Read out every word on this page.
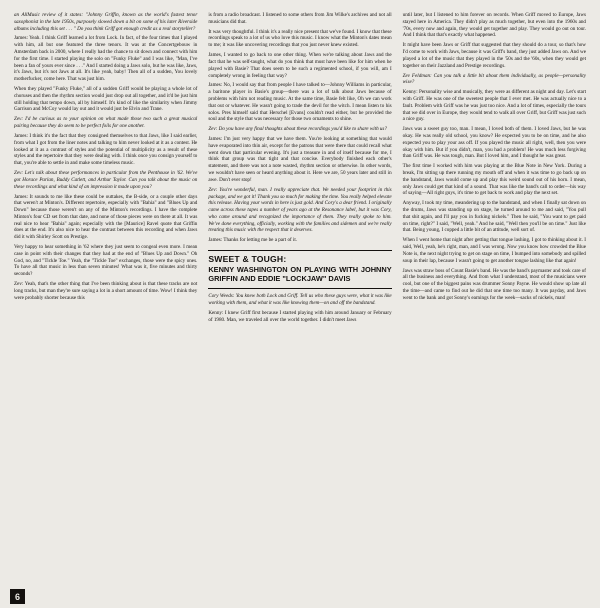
an AllMusic review of it states: "Johnny Griffin, known as the world's fastest tenor saxophonist in the late 1950s, purposely slowed down a bit on some of his later Riverside albums including this set . . . " Do you think Griff got enough credit as a real storyteller?

James: Yeah. I think Griff learned a lot from Lock. In fact, of the four times that I played with him, all but one featured the three tenors. It was at the Concertgebouw in Amsterdam back in 2000, where I really had the chance to sit down and connect with him for the first time. I started playing the solo on "Funky Fluke" and I was like, "Man, I've been a fan of yours ever since . . ." And I started doing a Jaws solo, but he was like, Jaws, it's Jaws, but it's not Jaws at all. It's like yeah, baby! Then all of a sudden, You lovely motherfucker, come here. That was just him.

When they played "Funky Fluke," all of a sudden Griff would be playing a whole lot of choruses and then the rhythm section would just drop out all together, and it'd be just him still holding that tempo down, all by himself. It's kind of like the similarity when Jimmy Garrison and McCoy would lay out and it would just be Elvin and Trane.

Zev: I'd be curious as to your opinion on what made those two such a great musical pairing because they do seem to be perfect foils for one another.

James: I think it's the fact that they consigned themselves to that Jaws, like I said earlier, from what I got from the liner notes and talking to him never looked at it as a contest. He looked at it as a contrast of styles and the potential of multiplicity as a result of these styles and the repertoire that they were dealing with. I think once you consign yourself to that, you're able to settle in and make some timeless music.

Zev: Let's talk about these performances in particular from the Penthouse in '62. We've got Horace Parlan, Buddy Catlett, and Arthur Taylor. Can you talk about the music on these recordings and what kind of an impression it made upon you?

James: It sounds to me like these could be outtakes, the B-side, or a couple other days that weren't at Minton's. Different repertoire, especially with "Bahia" and "Blues Up and Down" because those weren't on any of the Minton's recordings. I have the complete Minton's four CD set from that date, and none of those pieces were on there at all. It was real nice to hear "Bahia" again; especially with the [Maurice] Ravel quote that Griffin does at the end. It's also nice to hear the contrast between this recording and when Jaws did it with Shirley Scott on Prestige.

Very happy to hear something in '62 where they just seem to congeal even more. I mean case in point with their changes that they had at the end of "Blues Up and Down." Oh God, no, and "Tickle Toe." Yeah, the "Tickle Toe" exchanges, those were the spicy ones. To have all that music in less than seven minutes! What was it, five minutes and thirty seconds?

Zev: Yeah, that's the other thing that I've been thinking about is that these tracks are not long tracks, but man they're sure saying a lot in a short amount of time. Wow! I think they were probably shorter because this

is from a radio broadcast. I listened to some others from Jim Wilke's archives and not all musicians did that.

It was very thoughtful. I think it's a really nice present that we've found. I know that these recordings speak to a lot of us who love this music. I know what the Minton's dates mean to me; it was like uncovering recordings that you just never knew existed.

James, I wanted to go back to one other thing. When we're talking about Jaws and the fact that he was self-taught, what do you think that must have been like for him when he played with Basie? That does seem to be such a regimented school, if you will, am I completely wrong in feeling that way?

James: No, I would say that from people I have talked to—Johnny Williams in particular, a baritone player in Basie's group—there was a lot of talk about Jaws because of problems with him not reading music. At the same time, Basie felt like, Oh we can work that out or whatever. He wasn't going to trade the devil for the witch. I mean listen to his solos. Pres himself said that Herschel [Evans] couldn't read either, but he provided the soul and the style that was necessary for those two ornaments to shine.

Zev: Do you have any final thoughts about these recordings you'd like to share with us?

James: I'm just very happy that we have them. You're looking at something that would have evaporated into thin air, except for the patrons that were there that could recall what went down that particular evening. It's just a treasure in and of itself because for me, I think that group was that tight and that concise. Everybody finished each other's statement, and there was not a note wasted, rhythm section or otherwise. In other words, we wouldn't have seen or heard anything about it. Here we are, 50 years later and still in awe. Don't ever stop!

Zev: You're wonderful, man. I really appreciate that. We needed your footprint in this package, and we got it! Thank you so much for making the time. You really helped elevate this release. Having your words in here is just gold. And Cory's a dear friend. I originally came across these tapes a number of years ago at the Resonance label, but it was Cory, who came around and recognized the importance of them. They really spoke to him. We've done everything, officially, working with the families and sidemen and we're really treating this music with the respect that it deserves.

James: Thanks for letting me be a part of it.

SWEET & TOUGH:
KENNY WASHINGTON ON PLAYING WITH JOHNNY GRIFFIN AND EDDIE "LOCKJAW" DAVIS

Cory Weeds: You knew both Lock and Griff. Tell us who these guys were, what it was like working with them, and what it was like knowing them—on and off the bandstand.

Kenny: I knew Griff first because I started playing with him around January or February of 1980. Man, we traveled all over the world together. I didn't meet Jaws

until later, but I listened to him forever on records. When Griff moved to Europe, Jaws stayed here in America. They didn't play as much together, but even into the 1960s and '70s, every now and again, they would get together and play. They would go out on tour. And I think that that's exactly what happened.

It might have been Jaws or Griff that suggested that they should do a tour, so that's how I'd come to work with Jaws, because it was Griff's band, they just added Jaws on. And we played a lot of the music that they played in the '50s and the '60s, when they would get together on their Jazzland and Prestige recordings.

Zev Feldman: Can you talk a little bit about them individually, as people—personality wise?

Kenny: Personality wise and musically, they were as different as night and day. Let's start with Griff. He was one of the sweetest people that I ever met. He was actually nice to a fault. Problem with Griff was he was just too nice. And a lot of times, especially the tours that we did over in Europe, they would tend to walk all over Griff, but Griff was just such a nice guy.

Jaws was a sweet guy too, man. I mean, I loved both of them. I loved Jaws, but he was okay. He was really old school, you know? He expected you to be on time, and he also expected you to play your ass off. If you played the music all right, well, then you were okay with him. But if you didn't, man, you had a problem! He was much less forgiving than Griff was. He was tough, man. But I loved him, and I thought he was great.

The first time I worked with him was playing at the Blue Note in New York. During a break, I'm sitting up there running my mouth off and when it was time to go back up on the bandstand, Jaws would come up and play this weird sound out of his horn. I mean, only Jaws could get that kind of a sound. That was like the band's call to order—his way of saying—All right guys, it's time to get back to work and play the next set.

Anyway, I took my time, meandering up to the bandstand, and when I finally sat down on the drums, Jaws was standing up on stage, he turned around to me and said, "You pull that shit again, and I'll pay you in fucking nickels." Then he said, "You want to get paid on time, right?" I said, "Well, yeah." And he said, "Well then you'll be on time." Just like that. Being young, I copped a little bit of an attitude, well sort of.

When I went home that night after getting that tongue lashing, I got to thinking about it. I said, Well, yeah, he's right, man, and I was wrong. Now you know how crowded the Blue Note is, the next night trying to get on stage on time, I bumped into somebody and spilled soup in their lap, because I wasn't going to get another tongue lashing like that again!

Jaws was straw boss of Count Basie's band. He was the band's paymaster and took care of all the business and everything. And from what I understand, most of the musicians were cool, but one of the biggest pains was drummer Sonny Payne. He would show up late all the time—and came to find out he did that one time too many. It was payday, and Jaws went to the bank and got Sonny's earnings for the week—sacks of nickels, man!

6
